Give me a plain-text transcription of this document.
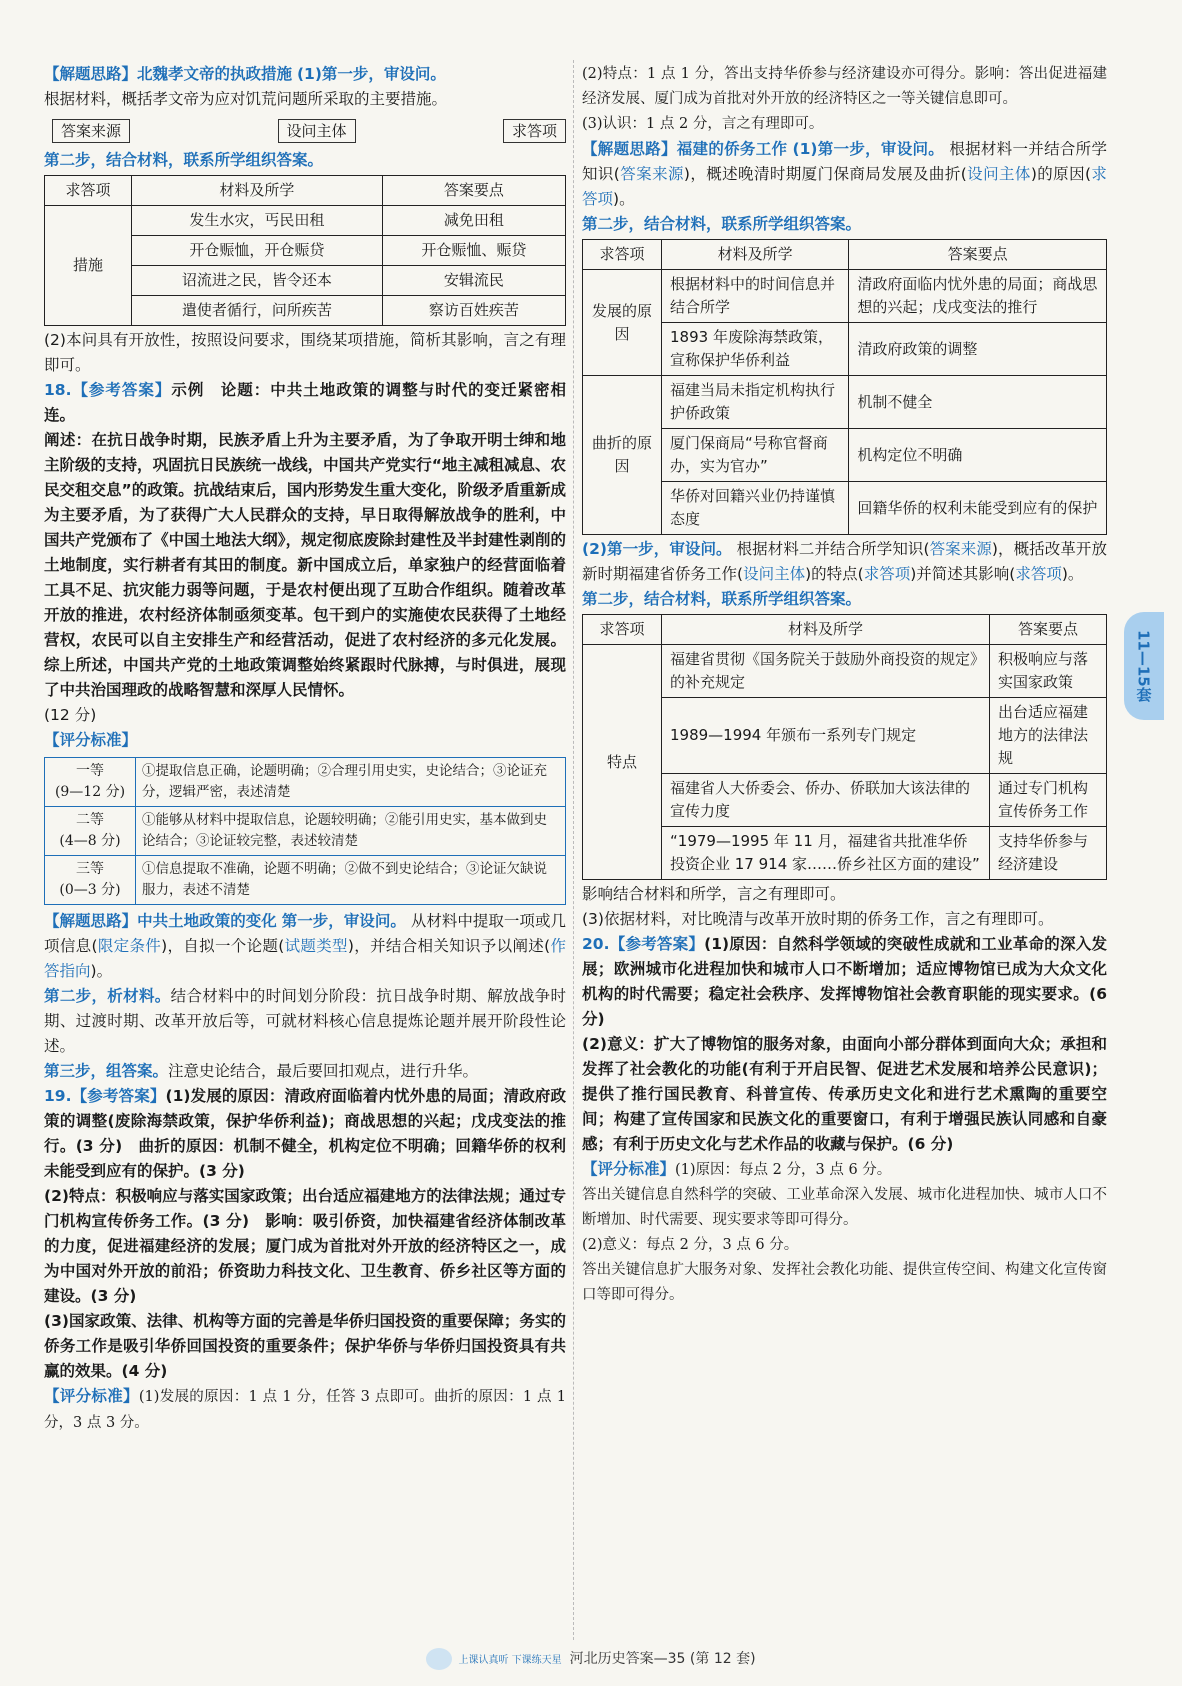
【解题思路】北魏孝文帝的执政措施 (1)第一步，审设问。

根据材料，概括孝文帝为应对饥荒问题所采取的主要措施。

答案来源	设问主体	求答项

第二步，结合材料，联系所学组织答案。

求答项	材料及所学	答案要点
措施	发生水灾，丐民田租	减免田租
	开仓赈恤，开仓赈贷	开仓赈恤、赈贷
	诏流进之民，皆令还本	安辑流民
	遣使者循行，问所疾苦	察访百姓疾苦

(2)本问具有开放性，按照设问要求，围绕某项措施，简析其影响，言之有理即可。

18.【参考答案】示例　论题：中共土地政策的调整与时代的变迁紧密相连。

阐述：在抗日战争时期，民族矛盾上升为主要矛盾，为了争取开明士绅和地主阶级的支持，巩固抗日民族统一战线，中国共产党实行“地主减租减息、农民交租交息”的政策。抗战结束后，国内形势发生重大变化，阶级矛盾重新成为主要矛盾，为了获得广大人民群众的支持，早日取得解放战争的胜利，中国共产党颁布了《中国土地法大纲》，规定彻底废除封建性及半封建性剥削的土地制度，实行耕者有其田的制度。新中国成立后，单家独户的经营面临着工具不足、抗灾能力弱等问题，于是农村便出现了互助合作组织。随着改革开放的推进，农村经济体制亟须变革。包干到户的实施使农民获得了土地经营权，农民可以自主安排生产和经营活动，促进了农村经济的多元化发展。综上所述，中国共产党的土地政策调整始终紧跟时代脉搏，与时俱进，展现了中共治国理政的战略智慧和深厚人民情怀。

(12 分)

【评分标准】

一等
(9—12 分)	①提取信息正确，论题明确；②合理引用史实，史论结合；③论证充分，逻辑严密，表述清楚
二等
(4—8 分)	①能够从材料中提取信息，论题较明确；②能引用史实，基本做到史论结合；③论证较完整，表述较清楚
三等
(0—3 分)	①信息提取不准确，论题不明确；②做不到史论结合；③论证欠缺说服力，表述不清楚

【解题思路】中共土地政策的变化 第一步，审设问。 从材料中提取一项或几项信息(限定条件)，自拟一个论题(试题类型)，并结合相关知识予以阐述(作答指向)。

第二步，析材料。结合材料中的时间划分阶段：抗日战争时期、解放战争时期、过渡时期、改革开放后等，可就材料核心信息提炼论题并展开阶段性论述。

第三步，组答案。注意史论结合，最后要回扣观点，进行升华。

19.【参考答案】(1)发展的原因：清政府面临着内忧外患的局面；清政府政策的调整(废除海禁政策，保护华侨利益)；商战思想的兴起；戊戌变法的推行。(3 分)　曲折的原因：机制不健全，机构定位不明确；回籍华侨的权利未能受到应有的保护。(3 分)

(2)特点：积极响应与落实国家政策；出台适应福建地方的法律法规；通过专门机构宣传侨务工作。(3 分)　影响：吸引侨资，加快福建省经济体制改革的力度，促进福建经济的发展；厦门成为首批对外开放的经济特区之一，成为中国对外开放的前沿；侨资助力科技文化、卫生教育、侨乡社区等方面的建设。(3 分)

(3)国家政策、法律、机构等方面的完善是华侨归国投资的重要保障；务实的侨务工作是吸引华侨回国投资的重要条件；保护华侨与华侨归国投资具有共赢的效果。(4 分)

【评分标准】(1)发展的原因：1 点 1 分，任答 3 点即可。曲折的原因：1 点 1 分，3 点 3 分。

(2)特点：1 点 1 分，答出支持华侨参与经济建设亦可得分。影响：答出促进福建经济发展、厦门成为首批对外开放的经济特区之一等关键信息即可。

(3)认识：1 点 2 分，言之有理即可。

【解题思路】福建的侨务工作 (1)第一步，审设问。 根据材料一并结合所学知识(答案来源)，概述晚清时期厦门保商局发展及曲折(设问主体)的原因(求答项)。

第二步，结合材料，联系所学组织答案。

求答项	材料及所学	答案要点
发展的原因	根据材料中的时间信息并结合所学	清政府面临内忧外患的局面；商战思想的兴起；戊戌变法的推行
	1893 年废除海禁政策，宣称保护华侨利益	清政府政策的调整
曲折的原因	福建当局未指定机构执行护侨政策	机制不健全
	厦门保商局“号称官督商办，实为官办”	机构定位不明确
	华侨对回籍兴业仍持谨慎态度	回籍华侨的权利未能受到应有的保护

(2)第一步，审设问。 根据材料二并结合所学知识(答案来源)，概括改革开放新时期福建省侨务工作(设问主体)的特点(求答项)并简述其影响(求答项)。

第二步，结合材料，联系所学组织答案。

求答项	材料及所学	答案要点
特点	福建省贯彻《国务院关于鼓励外商投资的规定》的补充规定	积极响应与落实国家政策
	1989—1994 年颁布一系列专门规定	出台适应福建地方的法律法规
	福建省人大侨委会、侨办、侨联加大该法律的宣传力度	通过专门机构宣传侨务工作
	“1979—1995 年 11 月，福建省共批准华侨投资企业 17 914 家……侨乡社区方面的建设”	支持华侨参与经济建设

影响结合材料和所学，言之有理即可。

(3)依据材料，对比晚清与改革开放时期的侨务工作，言之有理即可。

20.【参考答案】(1)原因：自然科学领域的突破性成就和工业革命的深入发展；欧洲城市化进程加快和城市人口不断增加；适应博物馆已成为大众文化机构的时代需要；稳定社会秩序、发挥博物馆社会教育职能的现实要求。(6 分)

(2)意义：扩大了博物馆的服务对象，由面向小部分群体到面向大众；承担和发挥了社会教化的功能(有利于开启民智、促进艺术发展和培养公民意识)；提供了推行国民教育、科普宣传、传承历史文化和进行艺术熏陶的重要空间；构建了宣传国家和民族文化的重要窗口，有利于增强民族认同感和自豪感；有利于历史文化与艺术作品的收藏与保护。(6 分)

【评分标准】(1)原因：每点 2 分，3 点 6 分。

答出关键信息自然科学的突破、工业革命深入发展、城市化进程加快、城市人口不断增加、时代需要、现实要求等即可得分。

(2)意义：每点 2 分，3 点 6 分。

答出关键信息扩大服务对象、发挥社会教化功能、提供宣传空间、构建文化宣传窗口等即可得分。

11—15套
上课认真听 下课练天星 河北历史答案—35 (第 12 套)
